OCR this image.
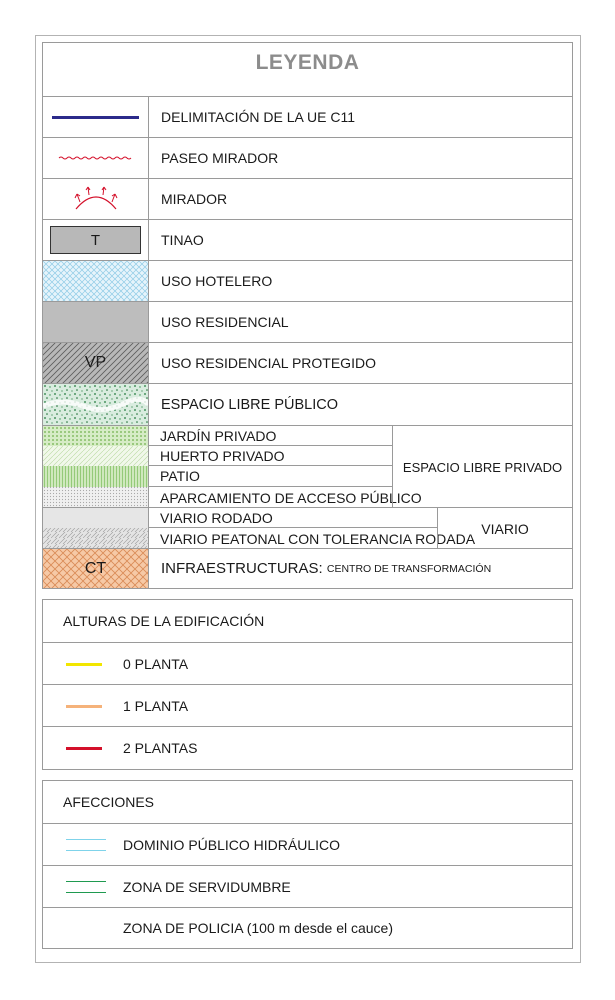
LEYENDA
DELIMITACIÓN DE LA UE C11
PASEO MIRADOR
MIRADOR
T	TINAO
USO HOTELERO
USO RESIDENCIAL
VP	USO RESIDENCIAL PROTEGIDO
ESPACIO LIBRE PÚBLICO
JARDÍN PRIVADO
HUERTO PRIVADO
PATIO
APARCAMIENTO DE ACCESO PÚBLICO
ESPACIO LIBRE PRIVADO
VIARIO RODADO
VIARIO PEATONAL CON TOLERANCIA RODADA
VIARIO
CT	INFRAESTRUCTURAS : CENTRO DE TRANSFORMACIÓN
ALTURAS DE LA EDIFICACIÓN
0 PLANTA
1 PLANTA
2 PLANTAS
AFECCIONES
DOMINIO PÚBLICO HIDRÁULICO
ZONA DE SERVIDUMBRE
ZONA DE POLICIA (100 m desde el cauce)
